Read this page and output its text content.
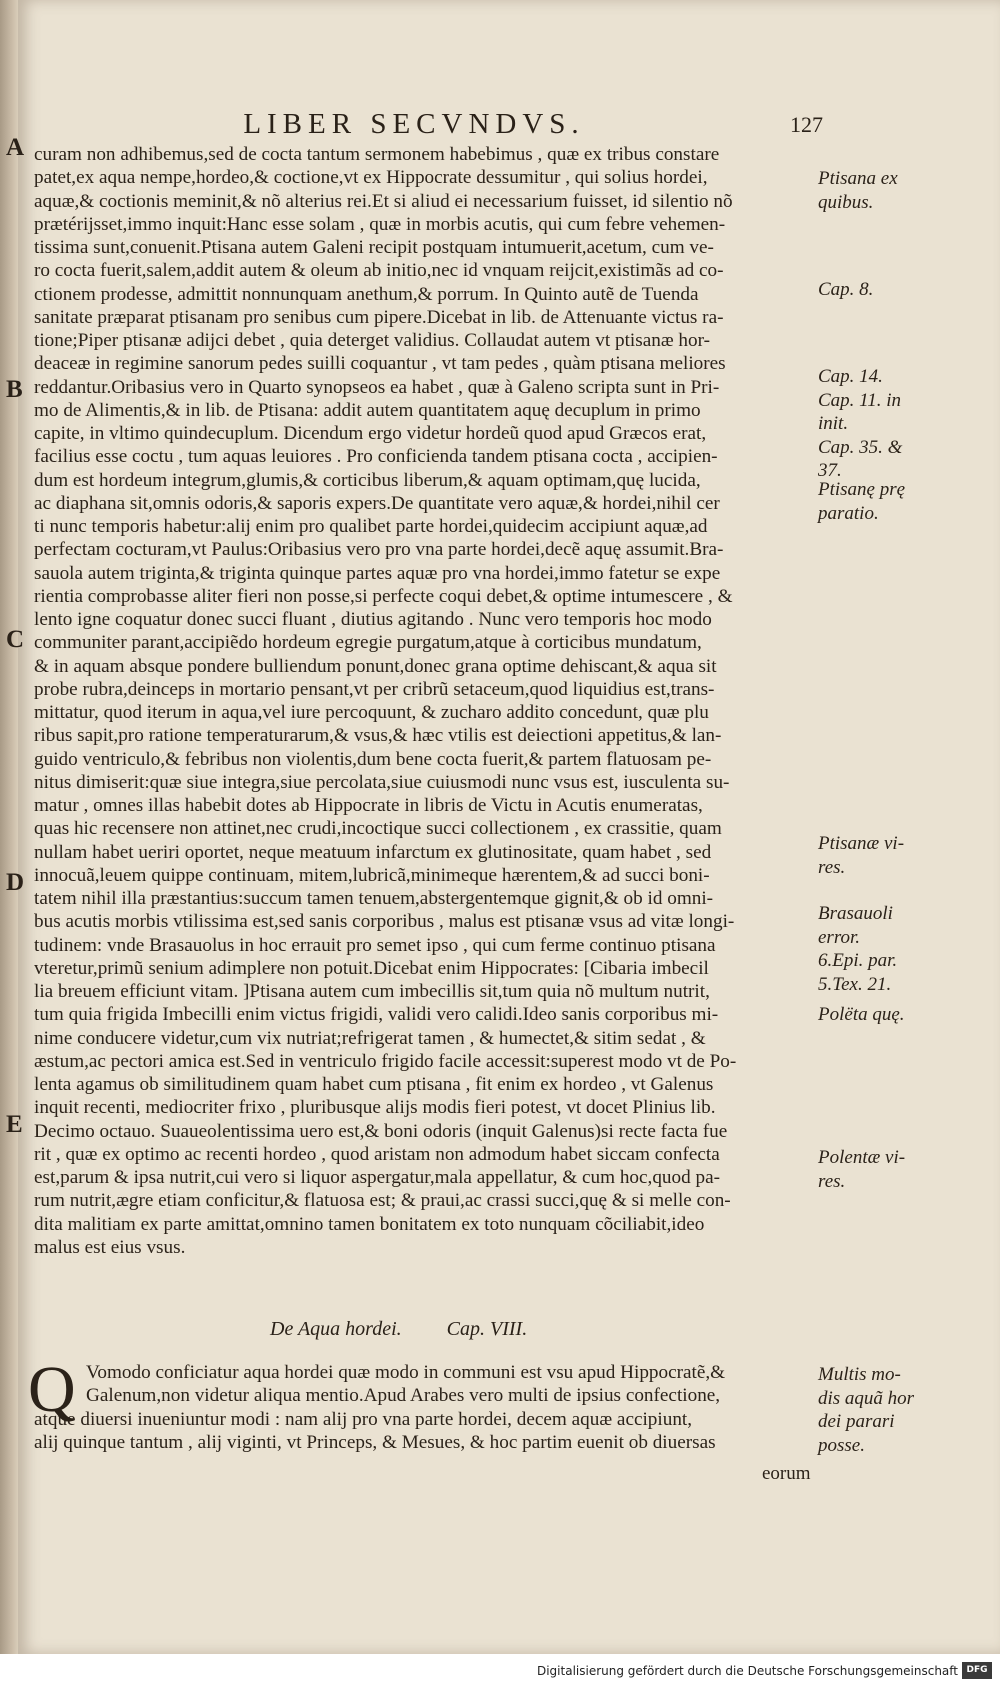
LIBER SECVNDVS.	127
A
B
C
D
E
curam non adhibemus,sed de cocta tantum sermonem habebimus , quæ ex tribus constare
patet,ex aqua nempe,hordeo,& coctione,vt ex Hippocrate dessumitur , qui solius hordei,
aquæ,& coctionis meminit,& nõ alterius rei.Et si aliud ei necessarium fuisset, id silentio nõ
prætérijsset,immo inquit:Hanc esse solam , quæ in morbis acutis, qui cum febre vehemen-
tissima sunt,conuenit.Ptisana autem Galeni recipit postquam intumuerit,acetum, cum ve-
ro cocta fuerit,salem,addit autem & oleum ab initio,nec id vnquam reijcit,existimãs ad co-
ctionem prodesse, admittit nonnunquam anethum,& porrum. In Quinto autẽ de Tuenda
sanitate præparat ptisanam pro senibus cum pipere.Dicebat in lib. de Attenuante victus ra-
tione;Piper ptisanæ adijci debet , quia deterget validius. Collaudat autem vt ptisanæ hor-
deaceæ in regimine sanorum pedes suilli coquantur , vt tam pedes , quàm ptisana meliores
reddantur.Oribasius vero in Quarto synopseos ea habet , quæ à Galeno scripta sunt in Pri-
mo de Alimentis,& in lib. de Ptisana: addit autem quantitatem aquę decuplum in primo
capite, in vltimo quindecuplum. Dicendum ergo videtur hordeũ quod apud Græcos erat,
facilius esse coctu , tum aquas leuiores . Pro conficienda tandem ptisana cocta , accipien-
dum est hordeum integrum,glumis,& corticibus liberum,& aquam optimam,quę lucida,
ac diaphana sit,omnis odoris,& saporis expers.De quantitate vero aquæ,& hordei,nihil cer
ti nunc temporis habetur:alij enim pro qualibet parte hordei,quidecim accipiunt aquæ,ad
perfectam cocturam,vt Paulus:Oribasius vero pro vna parte hordei,decẽ aquę assumit.Bra-
sauola autem triginta,& triginta quinque partes aquæ pro vna hordei,immo fatetur se expe
rientia comprobasse aliter fieri non posse,si perfecte coqui debet,& optime intumescere , &
lento igne coquatur donec succi fluant , diutius agitando . Nunc vero temporis hoc modo
communiter parant,accipiẽdo hordeum egregie purgatum,atque à corticibus mundatum,
& in aquam absque pondere bulliendum ponunt,donec grana optime dehiscant,& aqua sit
probe rubra,deinceps in mortario pensant,vt per cribrũ setaceum,quod liquidius est,trans-
mittatur, quod iterum in aqua,vel iure percoquunt, & zucharo addito concedunt, quæ plu
ribus sapit,pro ratione temperaturarum,& vsus,& hæc vtilis est deiectioni appetitus,& lan-
guido ventriculo,& febribus non violentis,dum bene cocta fuerit,& partem flatuosam pe-
nitus dimiserit:quæ siue integra,siue percolata,siue cuiusmodi nunc vsus est, iusculenta su-
matur , omnes illas habebit dotes ab Hippocrate in libris de Victu in Acutis enumeratas,
quas hic recensere non attinet,nec crudi,incoctique succi collectionem , ex crassitie, quam
nullam habet ueriri oportet, neque meatuum infarctum ex glutinositate, quam habet , sed
innocuã,leuem quippe continuam, mitem,lubricã,minimeque hærentem,& ad succi boni-
tatem nihil illa præstantius:succum tamen tenuem,abstergentemque gignit,& ob id omni-
bus acutis morbis vtilissima est,sed sanis corporibus , malus est ptisanæ vsus ad vitæ longi-
tudinem: vnde Brasauolus in hoc errauit pro semet ipso , qui cum ferme continuo ptisana
vteretur,primũ senium adimplere non potuit.Dicebat enim Hippocrates: [Cibaria imbecil
lia breuem efficiunt vitam. ]Ptisana autem cum imbecillis sit,tum quia nõ multum nutrit,
tum quia frigida Imbecilli enim victus frigidi, validi vero calidi.Ideo sanis corporibus mi-
nime conducere videtur,cum vix nutriat;refrigerat tamen , & humectet,& sitim sedat , &
æstum,ac pectori amica est.Sed in ventriculo frigido facile accessit:superest modo vt de Po-
lenta agamus ob similitudinem quam habet cum ptisana , fit enim ex hordeo , vt Galenus
inquit recenti, mediocriter frixo , pluribusque alijs modis fieri potest, vt docet Plinius lib.
Decimo octauo. Suaueolentissima uero est,& boni odoris (inquit Galenus)si recte facta fue
rit , quæ ex optimo ac recenti hordeo , quod aristam non admodum habet siccam confecta
est,parum & ipsa nutrit,cui vero si liquor aspergatur,mala appellatur, & cum hoc,quod pa-
rum nutrit,ægre etiam conficitur,& flatuosa est; & praui,ac crassi succi,quę & si melle con-
dita malitiam ex parte amittat,omnino tamen bonitatem ex toto nunquam cõciliabit,ideo
malus est eius vsus.
Ptisana ex
quibus.
Cap. 8.
Cap. 14.
Cap. 11. in
init.
Cap. 35. &
37.
Ptisanę prę
paratio.
Ptisanæ vi-
res.
Brasauoli
error.
6.Epi. par.
5.Tex. 21.
Polëta quę.
Polentæ vi-
res.
Multis mo-
dis aquã hor
dei parari
posse.
De Aqua hordei. Cap. VIII.
Q Vomodo conficiatur aqua hordei quæ modo in communi est vsu apud Hippocratẽ,&
Galenum,non videtur aliqua mentio.Apud Arabes vero multi de ipsius confectione,
atque diuersi inueniuntur modi : nam alij pro vna parte hordei, decem aquæ accipiunt,
alij quinque tantum , alij viginti, vt Princeps, & Mesues, & hoc partim euenit ob diuersas
eorum
Digitalisierung gefördert durch die Deutsche Forschungsgemeinschaft DFG
